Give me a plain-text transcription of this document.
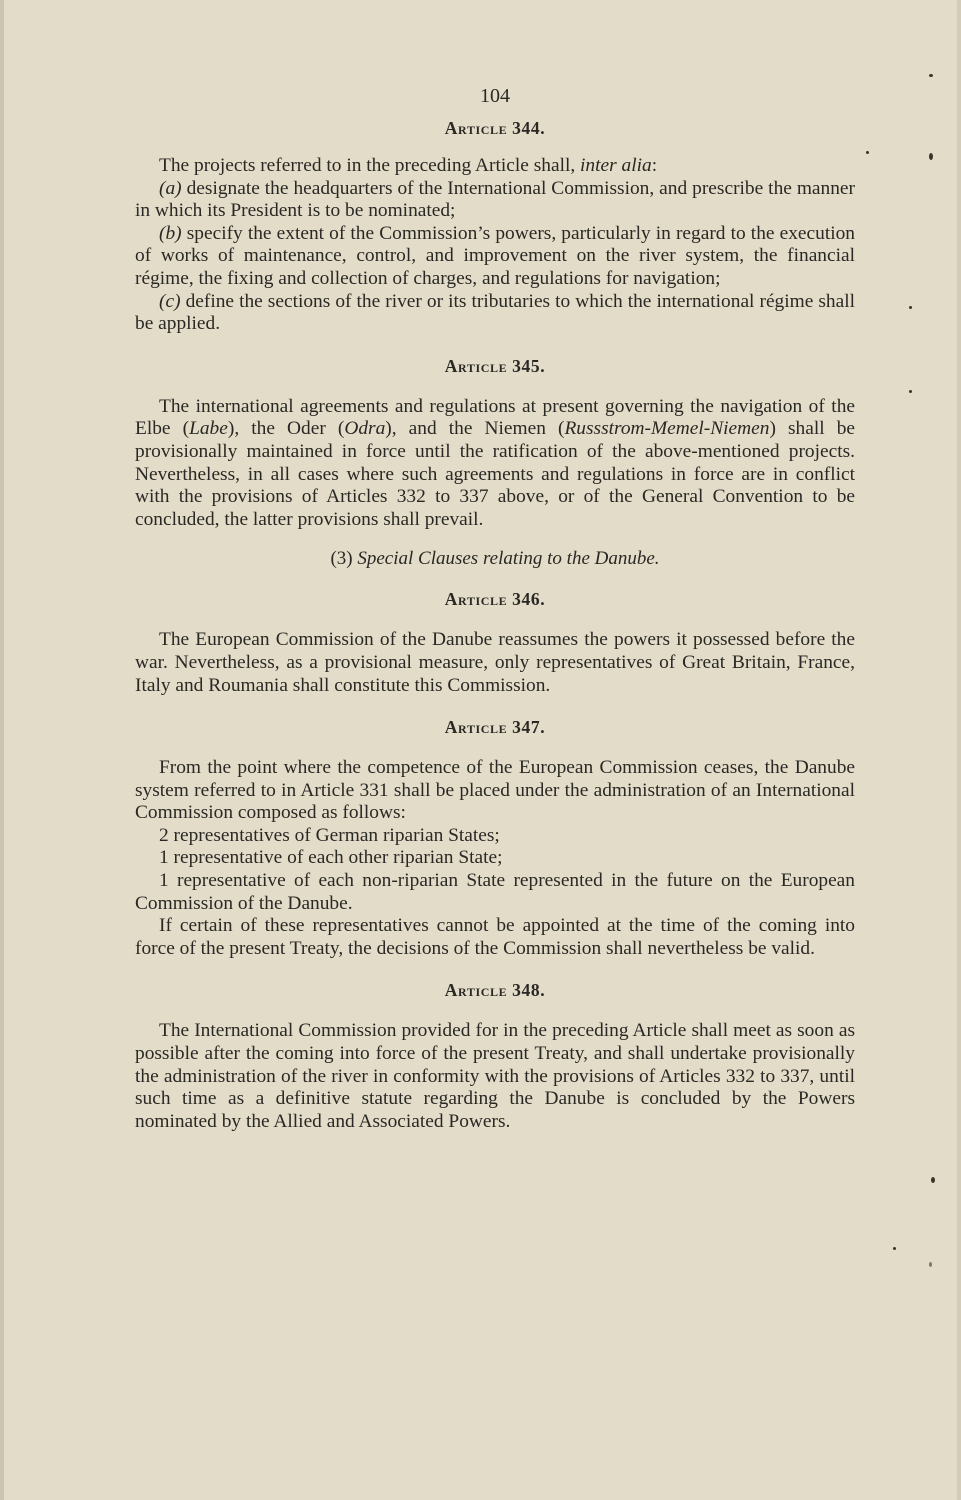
104
Article 344.

The projects referred to in the preceding Article shall, inter alia:

(a) designate the headquarters of the International Commission, and prescribe the manner in which its President is to be nominated;

(b) specify the extent of the Commission’s powers, particularly in regard to the execution of works of maintenance, control, and improvement on the river system, the financial régime, the fixing and collection of charges, and regulations for navigation;

(c) define the sections of the river or its tributaries to which the international régime shall be applied.

Article 345.

The international agreements and regulations at present governing the navigation of the Elbe (Labe), the Oder (Odra), and the Niemen (Russstrom-Memel-Niemen) shall be provisionally maintained in force until the ratification of the above-mentioned projects. Nevertheless, in all cases where such agreements and regulations in force are in conflict with the provisions of Articles 332 to 337 above, or of the General Convention to be concluded, the latter provisions shall prevail.

(3) Special Clauses relating to the Danube.
Article 346.

The European Commission of the Danube reassumes the powers it possessed before the war. Nevertheless, as a provisional measure, only representatives of Great Britain, France, Italy and Roumania shall constitute this Commission.

Article 347.

From the point where the competence of the European Commission ceases, the Danube system referred to in Article 331 shall be placed under the administration of an International Commission composed as follows:

2 representatives of German riparian States;

1 representative of each other riparian State;

1 representative of each non-riparian State represented in the future on the European Commission of the Danube.

If certain of these representatives cannot be appointed at the time of the coming into force of the present Treaty, the decisions of the Commission shall nevertheless be valid.

Article 348.

The International Commission provided for in the preceding Article shall meet as soon as possible after the coming into force of the present Treaty, and shall undertake provisionally the administration of the river in conformity with the provisions of Articles 332 to 337, until such time as a definitive statute regarding the Danube is concluded by the Powers nominated by the Allied and Associated Powers.
